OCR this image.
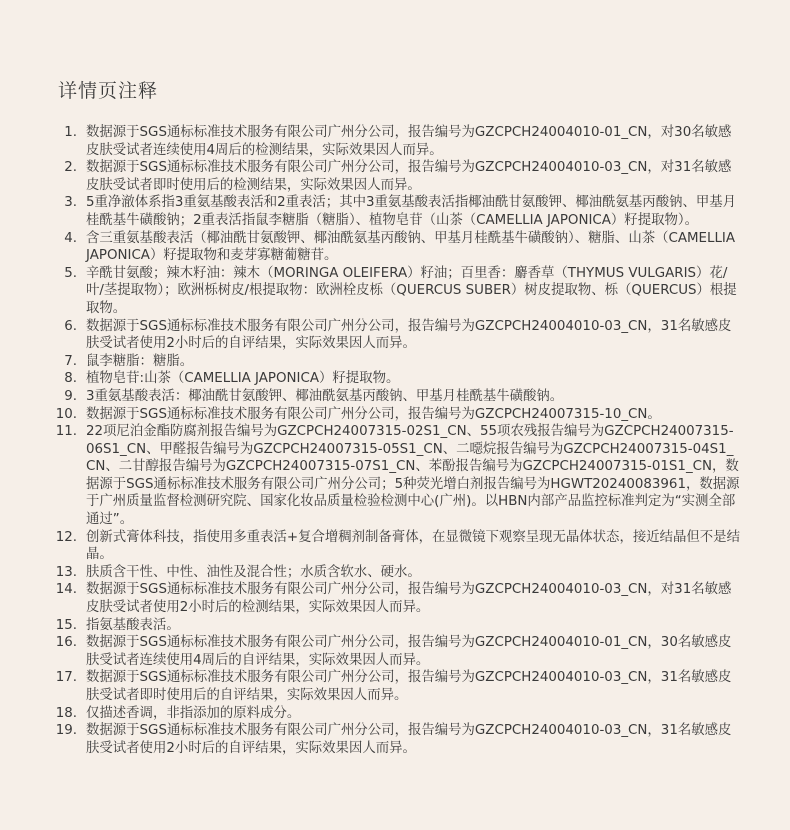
详情页注释
1. 数据源于SGS通标标准技术服务有限公司广州分公司，报告编号为GZCPCH24004010-01_CN，对30名敏感皮肤受试者连续使用4周后的检测结果，实际效果因人而异。
2. 数据源于SGS通标标准技术服务有限公司广州分公司，报告编号为GZCPCH24004010-03_CN，对31名敏感皮肤受试者即时使用后的检测结果，实际效果因人而异。
3. 5重净澈体系指3重氨基酸表活和2重表活；其中3重氨基酸表活指椰油酰甘氨酸钾、椰油酰氨基丙酸钠、甲基月桂酰基牛磺酸钠；2重表活指鼠李糖脂（糖脂）、植物皂苷（山茶（CAMELLIA JAPONICA）籽提取物）。
4. 含三重氨基酸表活（椰油酰甘氨酸钾、椰油酰氨基丙酸钠、甲基月桂酰基牛磺酸钠）、糖脂、山茶（CAMELLIA JAPONICA）籽提取物和麦芽寡糖葡糖苷。
5. 辛酰甘氨酸；辣木籽油：辣木（MORINGA OLEIFERA）籽油；百里香：麝香草（THYMUS VULGARIS）花/叶/茎提取物）；欧洲栎树皮/根提取物：欧洲栓皮栎（QUERCUS SUBER）树皮提取物、栎（QUERCUS）根提取物。
6. 数据源于SGS通标标准技术服务有限公司广州分公司，报告编号为GZCPCH24004010-03_CN，31名敏感皮肤受试者使用2小时后的自评结果，实际效果因人而异。
7. 鼠李糖脂：糖脂。
8. 植物皂苷:山茶（CAMELLIA JAPONICA）籽提取物。
9. 3重氨基酸表活：椰油酰甘氨酸钾、椰油酰氨基丙酸钠、甲基月桂酰基牛磺酸钠。
10. 数据源于SGS通标标准技术服务有限公司广州分公司，报告编号为GZCPCH24007315-10_CN。
11. 22项尼泊金酯防腐剂报告编号为GZCPCH24007315-02S1_CN、55项农残报告编号为GZCPCH24007315-06S1_CN、甲醛报告编号为GZCPCH24007315-05S1_CN、二噁烷报告编号为GZCPCH24007315-04S1_CN、二甘醇报告编号为GZCPCH24007315-07S1_CN、苯酚报告编号为GZCPCH24007315-01S1_CN，数据源于SGS通标标准技术服务有限公司广州分公司；5种荧光增白剂报告编号为HGWT20240083961，数据源于广州质量监督检测研究院、国家化妆品质量检验检测中心(广州)。以HBN内部产品监控标准判定为“实测全部通过”。
12. 创新式膏体科技，指使用多重表活+复合增稠剂制备膏体，在显微镜下观察呈现无晶体状态，接近结晶但不是结晶。
13. 肤质含干性、中性、油性及混合性；水质含软水、硬水。
14. 数据源于SGS通标标准技术服务有限公司广州分公司，报告编号为GZCPCH24004010-03_CN，对31名敏感皮肤受试者使用2小时后的检测结果，实际效果因人而异。
15. 指氨基酸表活。
16. 数据源于SGS通标标准技术服务有限公司广州分公司，报告编号为GZCPCH24004010-01_CN，30名敏感皮肤受试者连续使用4周后的自评结果，实际效果因人而异。
17. 数据源于SGS通标标准技术服务有限公司广州分公司，报告编号为GZCPCH24004010-03_CN，31名敏感皮肤受试者即时使用后的自评结果，实际效果因人而异。
18. 仅描述香调，非指添加的原料成分。
19. 数据源于SGS通标标准技术服务有限公司广州分公司，报告编号为GZCPCH24004010-03_CN，31名敏感皮肤受试者使用2小时后的自评结果，实际效果因人而异。
